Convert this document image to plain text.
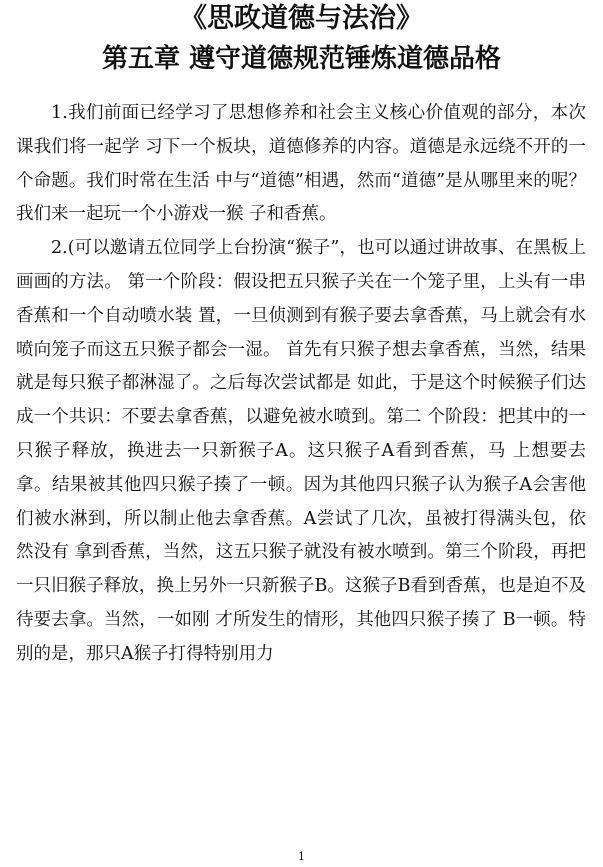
《思政道德与法治》
第五章 遵守道德规范锤炼道德品格

1.我们前面已经学习了思想修养和社会主义核心价值观的部分，本次课我们将一起学 习下一个板块，道德修养的内容。道德是永远绕不开的一个命题。我们时常在生活 中与“道德”相遇，然而“道德”是从哪里来的呢？我们来一起玩一个小游戏一猴 子和香蕉。

2.(可以邀请五位同学上台扮演“猴子”，也可以通过讲故事、在黑板上画画的方法。 第一个阶段：假设把五只猴子关在一个笼子里，上头有一串香蕉和一个自动喷水装 置，一旦侦测到有猴子要去拿香蕉，马上就会有水喷向笼子而这五只猴子都会一湿。 首先有只猴子想去拿香蕉，当然，结果就是每只猴子都淋湿了。之后每次尝试都是 如此，于是这个时候猴子们达成一个共识：不要去拿香蕉，以避免被水喷到。第二 个阶段：把其中的一只猴子释放，换进去一只新猴子A。这只猴子A看到香蕉，马 上想要去拿。结果被其他四只猴子揍了一顿。因为其他四只猴子认为猴子A会害他 们被水淋到，所以制止他去拿香蕉。A尝试了几次，虽被打得满头包，依然没有 拿到香蕉，当然，这五只猴子就没有被水喷到。第三个阶段，再把一只旧猴子释放，换上另外一只新猴子B。这猴子B看到香蕉，也是迫不及待要去拿。当然，一如刚 才所发生的情形，其他四只猴子揍了 B一顿。特别的是，那只A猴子打得特别用力

1
